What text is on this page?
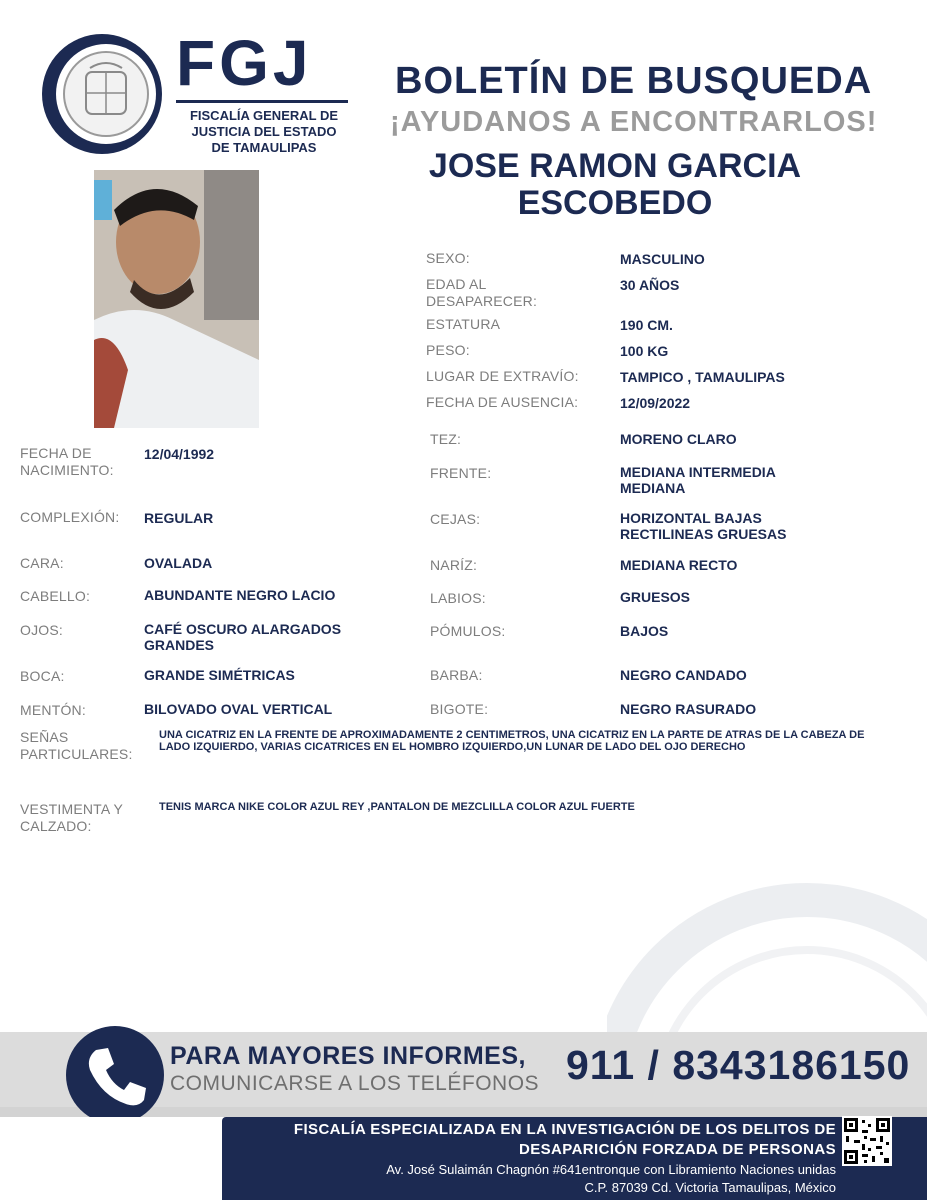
FGJ
FISCALÍA GENERAL DE
JUSTICIA DEL ESTADO
DE TAMAULIPAS
BOLETÍN DE BUSQUEDA
¡AYUDANOS A ENCONTRARLOS!
JOSE RAMON GARCIA
ESCOBEDO
SEXO:	MASCULINO
EDAD AL DESAPARECER:
30 AÑOS
ESTATURA	190 CM.
PESO:	100 KG
LUGAR DE EXTRAVÍO:	TAMPICO , TAMAULIPAS
FECHA DE AUSENCIA:	12/09/2022
TEZ:	MORENO CLARO
FRENTE:	MEDIANA INTERMEDIA MEDIANA
CEJAS:	HORIZONTAL BAJAS RECTILINEAS GRUESAS
NARÍZ:	MEDIANA RECTO
LABIOS:	GRUESOS
PÓMULOS:	BAJOS
BARBA:	NEGRO CANDADO
BIGOTE:	NEGRO RASURADO
FECHA DE NACIMIENTO:
12/04/1992
COMPLEXIÓN: REGULAR
CARA:	OVALADA
CABELLO:	ABUNDANTE NEGRO LACIO
OJOS:	CAFÉ OSCURO ALARGADOS GRANDES
BOCA:	GRANDE SIMÉTRICAS
MENTÓN:	BILOVADO OVAL VERTICAL
SEÑAS PARTICULARES:
UNA CICATRIZ EN LA FRENTE DE APROXIMADAMENTE 2 CENTIMETROS, UNA CICATRIZ EN LA PARTE DE ATRAS DE LA CABEZA DE LADO IZQUIERDO, VARIAS CICATRICES EN EL HOMBRO IZQUIERDO,UN LUNAR DE LADO DEL OJO DERECHO
VESTIMENTA Y CALZADO:
TENIS MARCA NIKE COLOR AZUL REY ,PANTALON DE MEZCLILLA COLOR AZUL FUERTE
PARA MAYORES INFORMES,
COMUNICARSE A LOS TELÉFONOS 911 / 8343186150
FISCALÍA ESPECIALIZADA EN LA INVESTIGACIÓN DE LOS DELITOS DE
DESAPARICIÓN FORZADA DE PERSONAS
Av. José Sulaimán Chagnón #641entronque con Libramiento Naciones unidas
C.P. 87039 Cd. Victoria Tamaulipas, México
